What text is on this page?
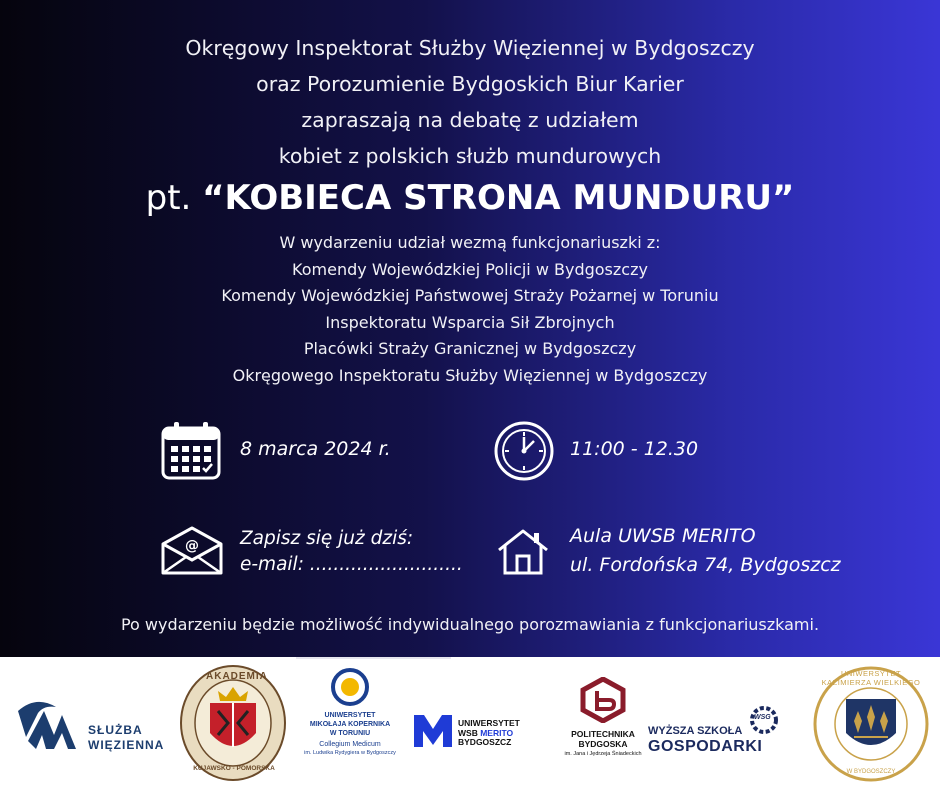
Okręgowy Inspektorat Służby Więziennej w Bydgoszczy
oraz Porozumienie Bydgoskich Biur Karier
zapraszają na debatę z udziałem
kobiet z polskich służb mundurowych
pt. “KOBIECA STRONA MUNDURU”
W wydarzeniu udział wezmą funkcjonariuszki z:
Komendy Wojewódzkiej Policji w Bydgoszczy
Komendy Wojewódzkiej Państwowej Straży Pożarnej w Toruniu
Inspektoratu Wsparcia Sił Zbrojnych
Placówki Straży Granicznej w Bydgoszczy
Okręgowego Inspektoratu Służby Więziennej w Bydgoszczy
8 marca 2024 r.	11:00 - 12.30
@ Zapisz się już dziś:
e-mail: ..........................
Aula UWSB MERITO
ul. Fordońska 74, Bydgoszcz
Po wydarzeniu będzie możliwość indywidualnego porozmawiania z funkcjonariuszkami.
SŁUŻBA
WIĘZIENNA
AKADEMIA
KUJAWSKO - POMORSKA
UNIWERSYTET
MIKOŁAJA KOPERNIKA
W TORUNIU
Collegium Medicum
im. Ludwika Rydygiera w Bydgoszczy
UNIWERSYTET
WSB MERITO
BYDGOSZCZ
POLITECHNIKA
BYDGOSKA
im. Jana i Jędrzeja Śniadeckich
WYŻSZA SZKOŁA
GOSPODARKI
WSG
UNIWERSYTET KAZIMIERZA WIELKIEGO
W BYDGOSZCZY
